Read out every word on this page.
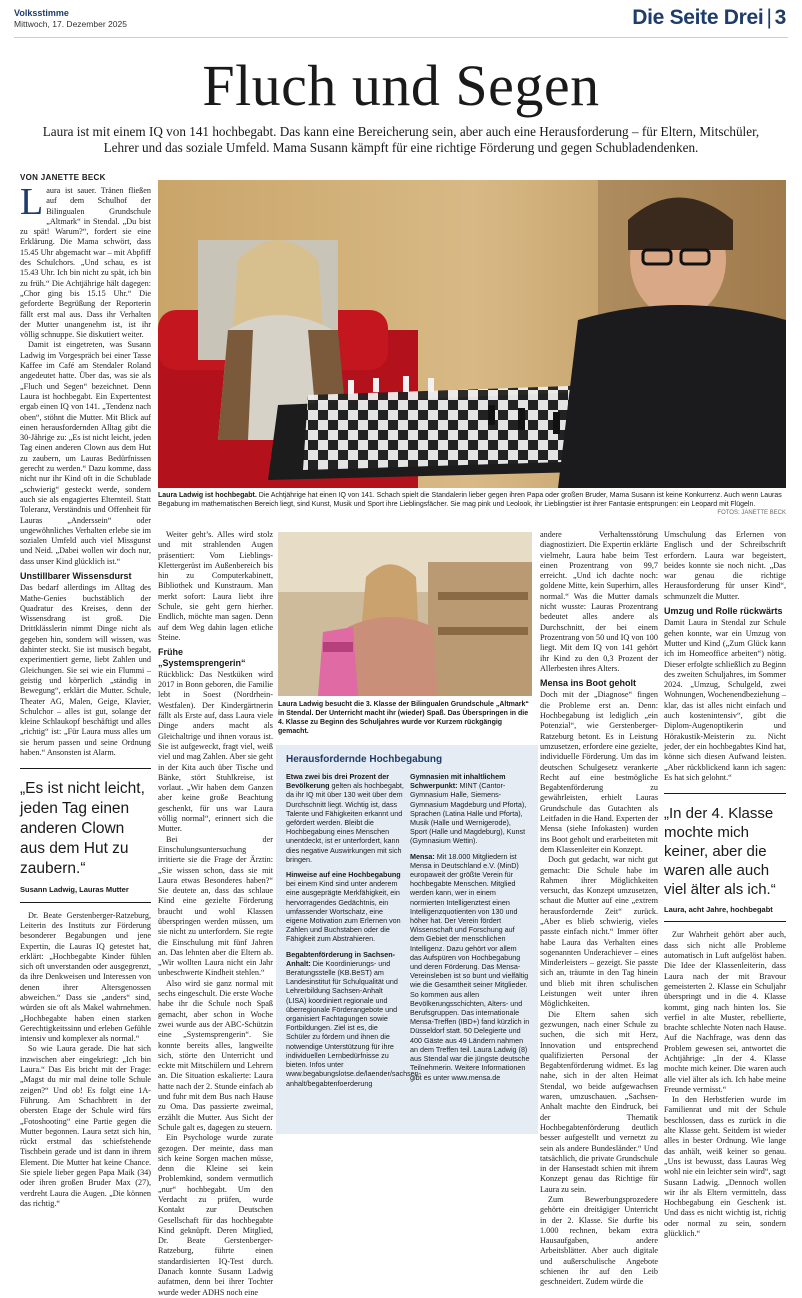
Volksstimme
Mittwoch, 17. Dezember 2025	Die Seite Drei | 3
Fluch und Segen
Laura ist mit einem IQ von 141 hochbegabt. Das kann eine Bereicherung sein, aber auch eine Herausforderung – für Eltern, Mitschüler, Lehrer und das soziale Umfeld. Mama Susann kämpft für eine richtige Förderung und gegen Schubladendenken.
VON JANETTE BECK

Laura ist sauer. Tränen fließen auf dem Schulhof der Bilingualen Grundschule „Altmark“ in Stendal. „Du bist zu spät! Warum?“, fordert sie eine Erklärung. Die Mama schwört, dass 15.45 Uhr abgemacht war – mit Abpfiff des Schulchors. „Und schau, es ist 15.43 Uhr. Ich bin nicht zu spät, ich bin zu früh.“ Die Achtjährige hält dagegen: „Chor ging bis 15.15 Uhr.“ Die geforderte Begrüßung der Reporterin fällt erst mal aus. Dass ihr Verhalten der Mutter unangenehm ist, ist ihr völlig schnuppe. Sie diskutiert weiter.

Damit ist eingetreten, was Susann Ladwig im Vorgespräch bei einer Tasse Kaffee im Café am Stendaler Roland angedeutet hatte. Über das, was sie als „Fluch und Segen“ bezeichnet. Denn Laura ist hochbegabt. Ein Expertentest ergab einen IQ von 141. „Tendenz nach oben“, stöhnt die Mutter. Mit Blick auf einen herausfordernden Alltag gibt die 30-Jährige zu: „Es ist nicht leicht, jeden Tag einen anderen Clown aus dem Hut zu zaubern, um Lauras Bedürfnissen gerecht zu werden.“ Dazu komme, dass nicht nur ihr Kind oft in die Schublade „schwierig“ gesteckt werde, sondern auch sie als engagiertes Elternteil. Statt Toleranz, Verständnis und Offenheit für Lauras „Anderssein“ oder ungewöhnliches Verhalten erlebe sie im sozialen Umfeld auch viel Missgunst und Neid. „Dabei wollen wir doch nur, dass unser Kind glücklich ist.“

Unstillbarer Wissensdurst

Das bedarf allerdings im Alltag des Mathe-Genies buchstäblich der Quadratur des Kreises, denn der Wissensdrang ist groß. Die Drittklässlerin nimmt Dinge nicht als gegeben hin, sondern will wissen, was dahinter steckt. Sie ist musisch begabt, experimentiert gerne, liebt Zahlen und Gleichungen. Sie sei wie ein Flummi – geistig und körperlich „ständig in Bewegung“, erklärt die Mutter. Schule, Theater AG, Malen, Geige, Klavier, Schulchor – alles ist gut, solange der kleine Schlaukopf beschäftigt und alles „richtig“ ist: „Für Laura muss alles um sie herum passen und seine Ordnung haben.“ Ansonsten ist Alarm.

„Es ist nicht leicht, jeden Tag einen anderen Clown aus dem Hut zu zaubern.“
Susann Ladwig, Lauras Mutter

Dr. Beate Gerstenberger-Ratzeburg, Leiterin des Instituts zur Förderung besonderer Begabungen und jene Expertin, die Lauras IQ getestet hat, erklärt: „Hochbegabte Kinder fühlen sich oft unverstanden oder ausgegrenzt, da ihre Denkweisen und Interessen von denen ihrer Altersgenossen abweichen.“ Dass sie „anders“ sind, würden sie oft als Makel wahrnehmen. „Hochbegabte haben einen starken Gerechtigkeitssinn und erleben Gefühle intensiv und komplexer als normal.“

So wie Laura gerade. Die hat sich inzwischen aber eingekriegt: „Ich bin Laura.“ Das Eis bricht mit der Frage: „Magst du mir mal deine tolle Schule zeigen?“ Und ob! Es folgt eine 1A-Führung. Am Schachbrett in der obersten Etage der Schule wird fürs „Fotoshooting“ eine Partie gegen die Mutter begonnen. Laura setzt sich hin, rückt erstmal das schiefstehende Tischbein gerade und ist dann in ihrem Element. Die Mutter hat keine Chance. Sie spiele lieber gegen Papa Maik (34) oder ihren großen Bruder Max (27), verdreht Laura die Augen. „Die können das richtig.“

Laura Ladwig ist hochbegabt. Die Achtjährige hat einen IQ von 141. Schach spielt die Standalerin lieber gegen ihren Papa oder großen Bruder, Mama Susann ist keine Konkurrenz. Auch wenn Lauras Begabung im mathematischen Bereich liegt, sind Kunst, Musik und Sport ihre Lieblingsfächer. Sie mag pink und Leolook, ihr Lieblingstier ist ihrer Fantasie entsprungen: ein Leopard mit Flügeln.
FOTOS: JANETTE BECK

Weiter geht’s. Alles wird stolz und mit strahlenden Augen präsentiert: Vom Lieblings-Klettergerüst im Außenbereich bis hin zu Computerkabinett, Bibliothek und Kunstraum. Man merkt sofort: Laura liebt ihre Schule, sie geht gern hierher. Endlich, möchte man sagen. Denn auf dem Weg dahin lagen etliche Steine.

Frühe „Systemsprengerin“

Rückblick: Das Nestküken wird 2017 in Bonn geboren, die Familie lebt in Soest (Nordrhein-Westfalen). Der Kindergärtnerin fällt als Erste auf, dass Laura viele Dinge anders macht als Gleichaltrige und ihnen voraus ist. Sie ist aufgeweckt, fragt viel, weiß viel und mag Zahlen. Aber sie geht in der Kita auch über Tische und Bänke, stört Stuhlkreise, ist vorlaut. „Wir haben dem Ganzen aber keine große Beachtung geschenkt, für uns war Laura völlig normal“, erinnert sich die Mutter.

Bei der Einschulungsuntersuchung irritierte sie die Frage der Ärztin: „Sie wissen schon, dass sie mit Laura etwas Besonderes haben?“ Sie deutete an, dass das schlaue Kind eine gezielte Förderung braucht und wohl Klassen überspringen werden müssen, um sie nicht zu unterfordern. Sie regte die Einschulung mit fünf Jahren an. Das lehnten aber die Eltern ab. „Wir wollten Laura nicht ein Jahr unbeschwerte Kindheit stehlen.“

Also wird sie ganz normal mit sechs eingeschult. Die erste Woche habe ihr die Schule noch Spaß gemacht, aber schon in Woche zwei wurde aus der ABC-Schützin eine „Systemsprengerin“. Sie konnte bereits alles, langweilte sich, störte den Unterricht und eckte mit Mitschülern und Lehrern an. Die Situation eskalierte: Laura hatte nach der 2. Stunde einfach ab und fuhr mit dem Bus nach Hause zu Oma. Das passierte zweimal, erzählt die Mutter. Aus Sicht der Schule galt es, dagegen zu steuern.

Ein Psychologe wurde zurate gezogen. Der meinte, dass man sich keine Sorgen machen müsse, denn die Kleine sei kein Problemkind, sondern vermutlich „nur“ hochbegabt. Um den Verdacht zu prüfen, wurde Kontakt zur Deutschen Gesellschaft für das hochbegabte Kind geknüpft. Deren Mitglied, Dr. Beate Gerstenberger-Ratzeburg, führte einen standardisierten IQ-Test durch. Danach konnte Susann Ladwig aufatmen, denn bei ihrer Tochter wurde weder ADHS noch eine

Laura Ladwig besucht die 3. Klasse der Bilingualen Grundschule „Altmark“ in Stendal. Der Unterricht macht ihr (wieder) Spaß. Das Überspringen in die 4. Klasse zu Beginn des Schuljahres wurde vor Kurzem rückgängig gemacht.
Herausfordernde Hochbegabung

Etwa zwei bis drei Prozent der Bevölkerung gelten als hochbegabt, da ihr IQ mit über 130 weit über dem Durchschnitt liegt. Wichtig ist, dass Talente und Fähigkeiten erkannt und gefördert werden. Bleibt die Hochbegabung eines Menschen unentdeckt, ist er unterfordert, kann dies negative Auswirkungen mit sich bringen.

Hinweise auf eine Hochbegabung bei einem Kind sind unter anderem eine ausgeprägte Merkfähigkeit, ein hervorragendes Gedächtnis, ein umfassender Wortschatz, eine eigene Motivation zum Erlernen von Zahlen und Buchstaben oder die Fähigkeit zum Abstrahieren.

Begabtenförderung in Sachsen-Anhalt: Die Koordinierungs- und Beratungsstelle (KB.BeST) am Landesinstitut für Schulqualität und Lehrerbildung Sachsen-Anhalt (LISA) koordiniert regionale und überregionale Förderangebote und organisiert Fachtagungen sowie Fortbildungen. Ziel ist es, die Schüler zu fördern und ihnen die notwendige Unterstützung für ihre individuellen Lernbedürfnisse zu bieten. Infos unter www.begabungslotse.de/laender/sachsen-anhalt/begabtenfoerderung

Gymnasien mit inhaltlichem Schwerpunkt: MINT (Cantor-Gymnasium Halle, Siemens-Gymnasium Magdeburg und Pforta), Sprachen (Latina Halle und Pforta), Musik (Halle und Wernigerode), Sport (Halle und Magdeburg), Kunst (Gymnasium Wettin).

Mensa: Mit 18.000 Mitgliedern ist Mensa in Deutschland e.V. (MinD) europaweit der größte Verein für hochbegabte Menschen. Mitglied werden kann, wer in einem normierten Intelligenztest einen Intelligenzquotienten von 130 und höher hat. Der Verein fördert Wissenschaft und Forschung auf dem Gebiet der menschlichen Intelligenz. Dazu gehört vor allem das Aufspüren von Hochbegabung und deren Förderung. Das Mensa-Vereinsleben ist so bunt und vielfältig wie die Gesamtheit seiner Mitglieder. So kommen aus allen Bevölkerungsschichten, Alters- und Berufsgruppen. Das internationale Mensa-Treffen (IBD+) fand kürzlich in Düsseldorf statt. 50 Delegierte und 400 Gäste aus 49 Ländern nahmen an dem Treffen teil. Laura Ladwig (8) aus Stendal war die jüngste deutsche Teilnehmerin. Weitere Informationen gibt es unter www.mensa.de

andere Verhaltensstörung diagnostiziert. Die Expertin erklärte vielmehr, Laura habe beim Test einen Prozentrang von 99,7 erreicht. „Und ich dachte noch: goldene Mitte, kein Superhirn, alles normal.“ Was die Mutter damals nicht wusste: Lauras Prozentrang bedeutet alles andere als Durchschnitt, der bei einem Prozentrang von 50 und IQ von 100 liegt. Mit dem IQ von 141 gehört ihr Kind zu den 0,3 Prozent der Allerbesten ihres Alters.

Mensa ins Boot geholt

Doch mit der „Diagnose“ fingen die Probleme erst an. Denn: Hochbegabung ist lediglich „ein Potenzial“, wie Gerstenberger-Ratzeburg betont. Es in Leistung umzusetzen, erfordere eine gezielte, individuelle Förderung. Um das im deutschen Schulgesetz verankerte Recht auf eine bestmögliche Begabtenförderung zu gewährleisten, erhielt Lauras Grundschule das Gutachten als Leitfaden in die Hand. Experten der Mensa (siehe Infokasten) wurden ins Boot geholt und erarbeiteten mit dem Klassenleiter ein Konzept.

Doch gut gedacht, war nicht gut gemacht: Die Schule habe im Rahmen ihrer Möglichkeiten versucht, das Konzept umzusetzen, schaut die Mutter auf eine „extrem herausfordernde Zeit“ zurück. „Aber es blieb schwierig, vieles passte einfach nicht.“ Immer öfter habe Laura das Verhalten eines sogenannten Underachiever – eines Minderleisters – gezeigt. Sie passte sich an, träumte in den Tag hinein und blieb mit ihren schulischen Leistungen weit unter ihren Möglichkeiten.

Die Eltern sahen sich gezwungen, nach einer Schule zu suchen, die sich mit Herz, Innovation und entsprechend qualifizierten Personal der Begabtenförderung widmet. Es lag nahe, sich in der alten Heimat Stendal, wo beide aufgewachsen waren, umzuschauen. „Sachsen-Anhalt machte den Eindruck, bei der Thematik Hochbegabtenförderung deutlich besser aufgestellt und vernetzt zu sein als andere Bundesländer.“ Und tatsächlich, die private Grundschule in der Hansestadt schien mit ihrem Konzept genau das Richtige für Laura zu sein.

Zum Bewerbungsprozedere gehörte ein dreitägiger Unterricht in der 2. Klasse. Sie durfte bis 1.000 rechnen, bekam extra Hausaufgaben, andere Arbeitsblätter. Aber auch digitale und außerschulische Angebote schienen ihr auf den Leib geschneidert. Zudem würde die

Umschulung das Erlernen von Englisch und der Schreibschrift erfordern. Laura war begeistert, beides konnte sie noch nicht. „Das war genau die richtige Herausforderung für unser Kind“, schmunzelt die Mutter.

Umzug und Rolle rückwärts

Damit Laura in Stendal zur Schule gehen konnte, war ein Umzug von Mutter und Kind („Zum Glück kann ich im Homeoffice arbeiten“) nötig. Dieser erfolgte schließlich zu Beginn des zweiten Schuljahres, im Sommer 2024. „Umzug, Schulgeld, zwei Wohnungen, Wochenendbeziehung – klar, das ist alles nicht einfach und auch kostenintensiv“, gibt die Diplom-Augenoptikerin und Hörakustik-Meisterin zu. Nicht jeder, der ein hochbegabtes Kind hat, könne sich diesen Aufwand leisten. „Aber rückblickend kann ich sagen: Es hat sich gelohnt.“

„In der 4. Klasse mochte mich keiner, aber die waren alle auch viel älter als ich.“
Laura, acht Jahre, hochbegabt

Zur Wahrheit gehört aber auch, dass sich nicht alle Probleme automatisch in Luft aufgelöst haben. Die Idee der Klassenleiterin, dass Laura nach der mit Bravour gemeisterten 2. Klasse ein Schuljahr überspringt und in die 4. Klasse kommt, ging nach hinten los. Sie verfiel in alte Muster, rebellierte, brachte schlechte Noten nach Hause. Auf die Nachfrage, was denn das Problem gewesen sei, antwortet die Achtjährige: „In der 4. Klasse mochte mich keiner. Die waren auch alle viel älter als ich. Ich habe meine Freunde vermisst.“

In den Herbstferien wurde im Familienrat und mit der Schule beschlossen, dass es zurück in die alte Klasse geht. Seitdem ist wieder alles in bester Ordnung. Wie lange das anhält, weiß keiner so genau. „Uns ist bewusst, dass Lauras Weg wohl nie ein leichter sein wird“, sagt Susann Ladwig. „Dennoch wollen wir ihr als Eltern vermitteln, dass Hochbegabung ein Geschenk ist. Und dass es nicht wichtig ist, richtig oder normal zu sein, sondern glücklich.“
